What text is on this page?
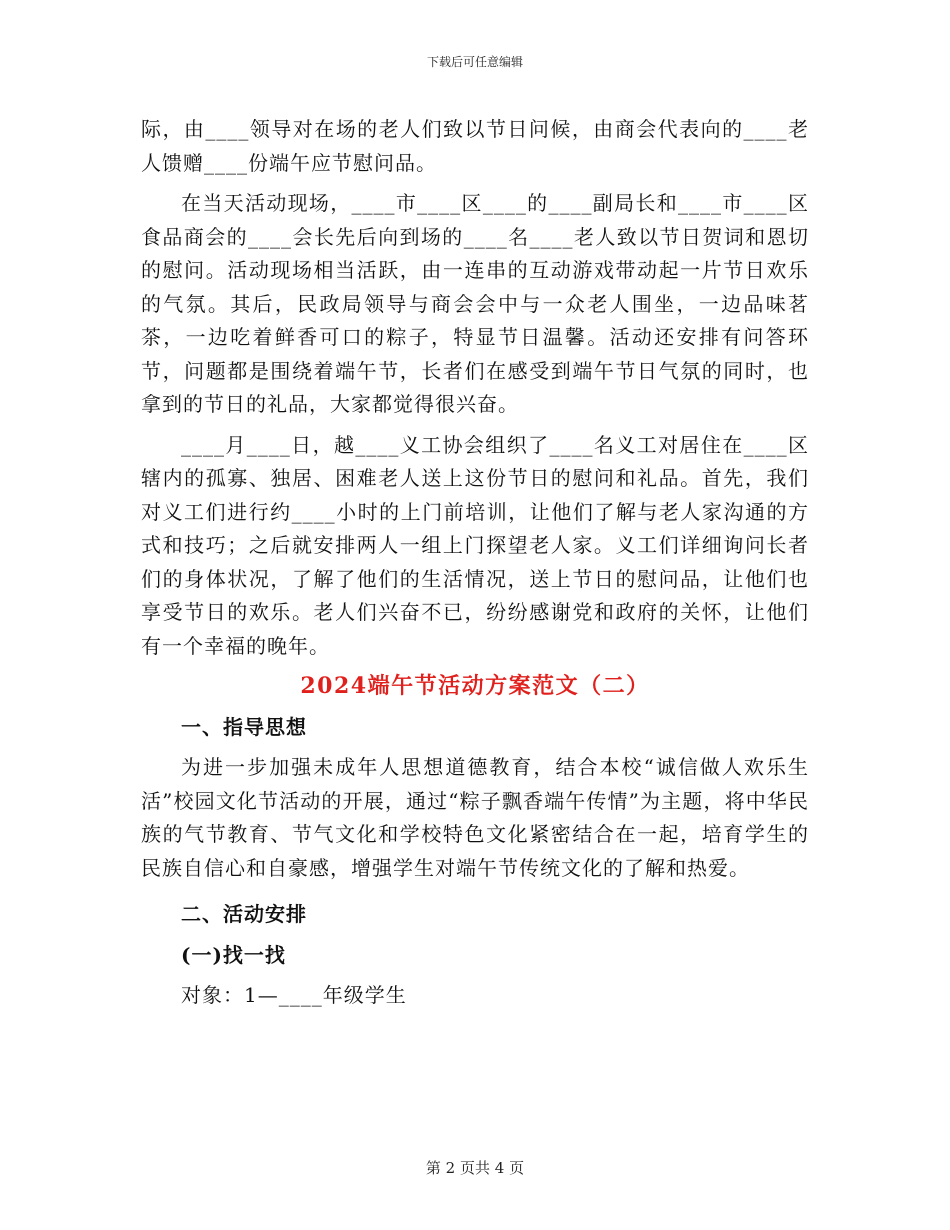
下载后可任意编辑

际，由____领导对在场的老人们致以节日问候，由商会代表向的____老人馈赠____份端午应节慰问品。

在当天活动现场，____市____区____的____副局长和____市____区食品商会的____会长先后向到场的____名____老人致以节日贺词和恩切的慰问。活动现场相当活跃，由一连串的互动游戏带动起一片节日欢乐的气氛。其后，民政局领导与商会会中与一众老人围坐，一边品味茗茶，一边吃着鲜香可口的粽子，特显节日温馨。活动还安排有问答环节，问题都是围绕着端午节，长者们在感受到端午节日气氛的同时，也拿到的节日的礼品，大家都觉得很兴奋。

____月____日，越____义工协会组织了____名义工对居住在____区辖内的孤寡、独居、困难老人送上这份节日的慰问和礼品。首先，我们对义工们进行约____小时的上门前培训，让他们了解与老人家沟通的方式和技巧；之后就安排两人一组上门探望老人家。义工们详细询问长者们的身体状况，了解了他们的生活情况，送上节日的慰问品，让他们也享受节日的欢乐。老人们兴奋不已，纷纷感谢党和政府的关怀，让他们有一个幸福的晚年。

2024端午节活动方案范文（二）

一、指导思想

为进一步加强未成年人思想道德教育，结合本校“诚信做人欢乐生活”校园文化节活动的开展，通过“粽子飘香端午传情”为主题，将中华民族的气节教育、节气文化和学校特色文化紧密结合在一起，培育学生的民族自信心和自豪感，增强学生对端午节传统文化的了解和热爱。

二、活动安排

(一)找一找

对象：1—____年级学生

第 2 页共 4 页
